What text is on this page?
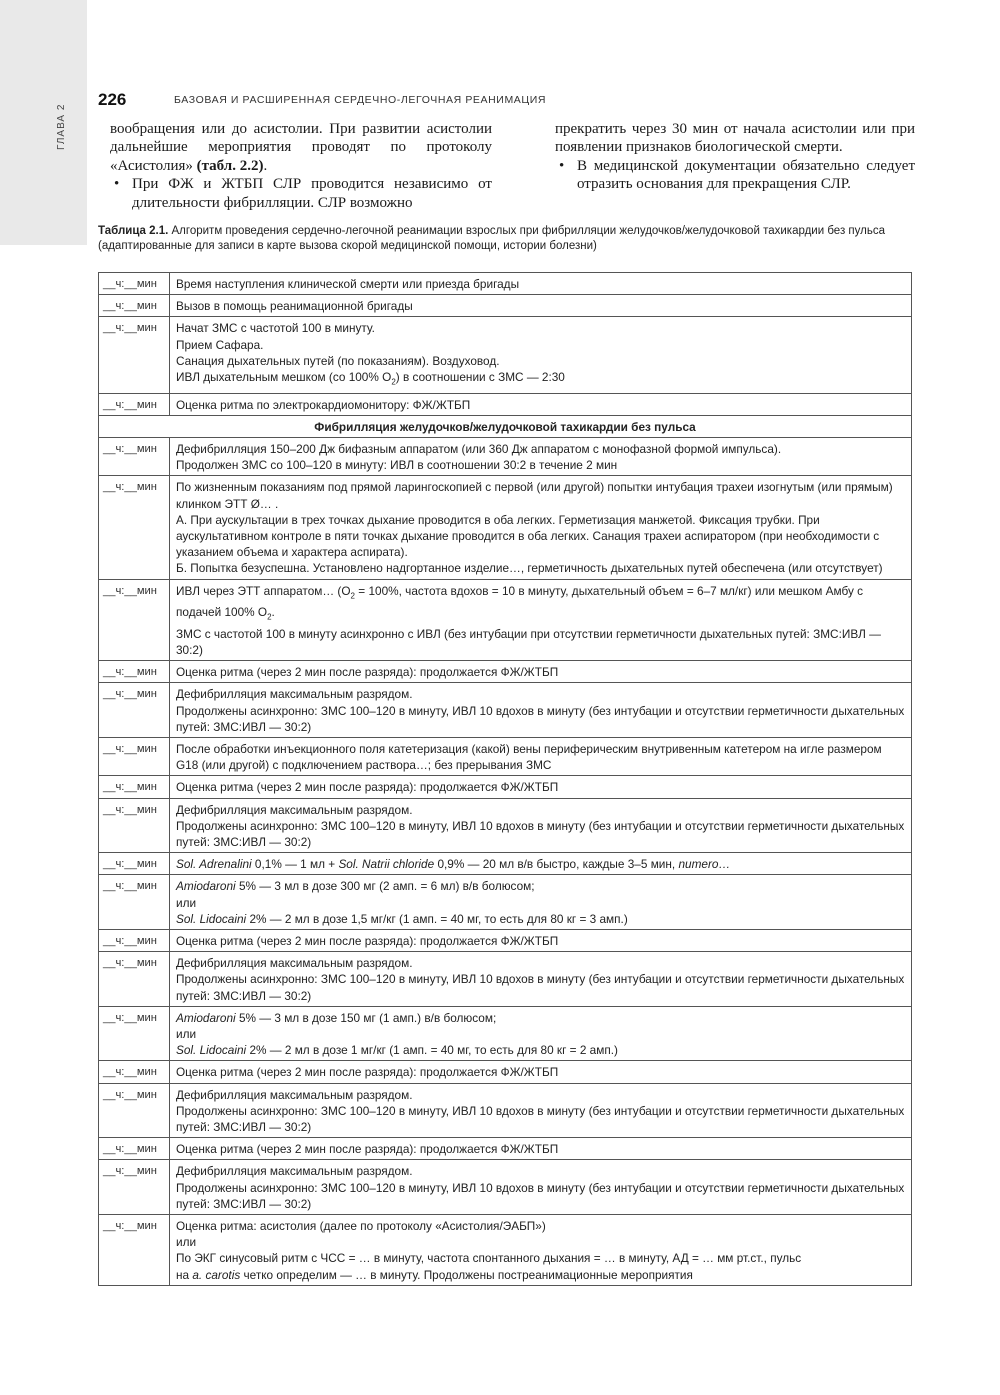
ГЛАВА 2
226	БАЗОВАЯ И РАСШИРЕННАЯ СЕРДЕЧНО-ЛЕГОЧНАЯ РЕАНИМАЦИЯ

вообращения или до асистолии. При развитии асистолии дальнейшие мероприятия проводят по протоколу «Асистолия» (табл. 2.2).

• При ФЖ и ЖТБП СЛР проводится независимо от длительности фибрилляции. СЛР возможно

прекратить через 30 мин от начала асистолии или при появлении признаков биологической смерти.

• В медицинской документации обязательно следует отразить основания для прекращения СЛР.

Таблица 2.1. Алгоритм проведения сердечно-легочной реанимации взрослых при фибрилляции желудочков/желудочковой тахикардии без пульса (адаптированные для записи в карте вызова скорой медицинской помощи, истории болезни)
__ч:__мин	Время наступления клинической смерти или приезда бригады
__ч:__мин	Вызов в помощь реанимационной бригады
__ч:__мин	Начат ЗМС с частотой 100 в минуту.
Прием Сафара.
Санация дыхательных путей (по показаниям). Воздуховод.
ИВЛ дыхательным мешком (со 100% $O_2$) в соотношении с ЗМС — 2:30

__ч:__мин	Оценка ритма по электрокардиомонитору: ФЖ/ЖТБП
Фибрилляция желудочков/желудочковой тахикардии без пульса	
__ч:__мин	Дефибрилляция 150–200 Дж бифазным аппаратом (или 360 Дж аппаратом с монофазной формой импульса).
Продолжен ЗМС со 100–120 в минуту: ИВЛ в соотношении 30:2 в течение 2 мин

__ч:__мин	По жизненным показаниям под прямой ларингоскопией с первой (или другой) попытки интубация трахеи изогнутым (или прямым) клинком ЭТТ Ø… .
А. При аускультации в трех точках дыхание проводится в оба легких. Герметизация манжетой. Фиксация трубки. При аускультативном контроле в пяти точках дыхание проводится в оба легких. Санация трахеи аспиратором (при необходимости с указанием объема и характера аспирата).
Б. Попытка безуспешна. Установлено надгортанное изделие…, герметичность дыхательных путей обеспечена (или отсутствует)

__ч:__мин	ИВЛ через ЭТТ аппаратом… ($O_2 = 100\%$, частота вдохов = 10 в минуту, дыхательный объем = 6–7 мл/кг) или мешком Амбу с подачей 100% $O_2$.
ЗМС с частотой 100 в минуту асинхронно с ИВЛ (без интубации при отсутствии герметичности дыхательных путей: ЗМС:ИВЛ — 30:2)

__ч:__мин	Оценка ритма (через 2 мин после разряда): продолжается ФЖ/ЖТБП
__ч:__мин	Дефибрилляция максимальным разрядом.
Продолжены асинхронно: ЗМС 100–120 в минуту, ИВЛ 10 вдохов в минуту (без интубации и отсутствии герметичности дыхательных путей: ЗМС:ИВЛ — 30:2)

__ч:__мин	После обработки инъекционного поля катетеризация (какой) вены периферическим внутривенным катетером на игле размером G18 (или другой) с подключением раствора…; без прерывания ЗМС
__ч:__мин	Оценка ритма (через 2 мин после разряда): продолжается ФЖ/ЖТБП
__ч:__мин	Дефибрилляция максимальным разрядом.
Продолжены асинхронно: ЗМС 100–120 в минуту, ИВЛ 10 вдохов в минуту (без интубации и отсутствии герметичности дыхательных путей: ЗМС:ИВЛ — 30:2)

__ч:__мин	Sol. Adrenalini 0,1% — 1 мл + Sol. Natrii chloride 0,9% — 20 мл в/в быстро, каждые 3–5 мин, numero…
__ч:__мин	Amiodaroni 5% — 3 мл в дозе 300 мг (2 амп. = 6 мл) в/в болюсом;
или
Sol. Lidocaini 2% — 2 мл в дозе 1,5 мг/кг (1 амп. = 40 мг, то есть для 80 кг = 3 амп.)

__ч:__мин	Оценка ритма (через 2 мин после разряда): продолжается ФЖ/ЖТБП
__ч:__мин	Дефибрилляция максимальным разрядом.
Продолжены асинхронно: ЗМС 100–120 в минуту, ИВЛ 10 вдохов в минуту (без интубации и отсутствии герметичности дыхательных путей: ЗМС:ИВЛ — 30:2)

__ч:__мин	Amiodaroni 5% — 3 мл в дозе 150 мг (1 амп.) в/в болюсом;
или
Sol. Lidocaini 2% — 2 мл в дозе 1 мг/кг (1 амп. = 40 мг, то есть для 80 кг = 2 амп.)

__ч:__мин	Оценка ритма (через 2 мин после разряда): продолжается ФЖ/ЖТБП
__ч:__мин	Дефибрилляция максимальным разрядом.
Продолжены асинхронно: ЗМС 100–120 в минуту, ИВЛ 10 вдохов в минуту (без интубации и отсутствии герметичности дыхательных путей: ЗМС:ИВЛ — 30:2)

__ч:__мин	Оценка ритма (через 2 мин после разряда): продолжается ФЖ/ЖТБП
__ч:__мин	Дефибрилляция максимальным разрядом.
Продолжены асинхронно: ЗМС 100–120 в минуту, ИВЛ 10 вдохов в минуту (без интубации и отсутствии герметичности дыхательных путей: ЗМС:ИВЛ — 30:2)

__ч:__мин	Оценка ритма: асистолия (далее по протоколу «Асистолия/ЭАБП»)
или
По ЭКГ синусовый ритм с ЧСС = … в минуту, частота спонтанного дыхания = … в минуту, АД = … мм рт.ст., пульс
на a. carotis четко определим — … в минуту. Продолжены постреанимационные мероприятия
